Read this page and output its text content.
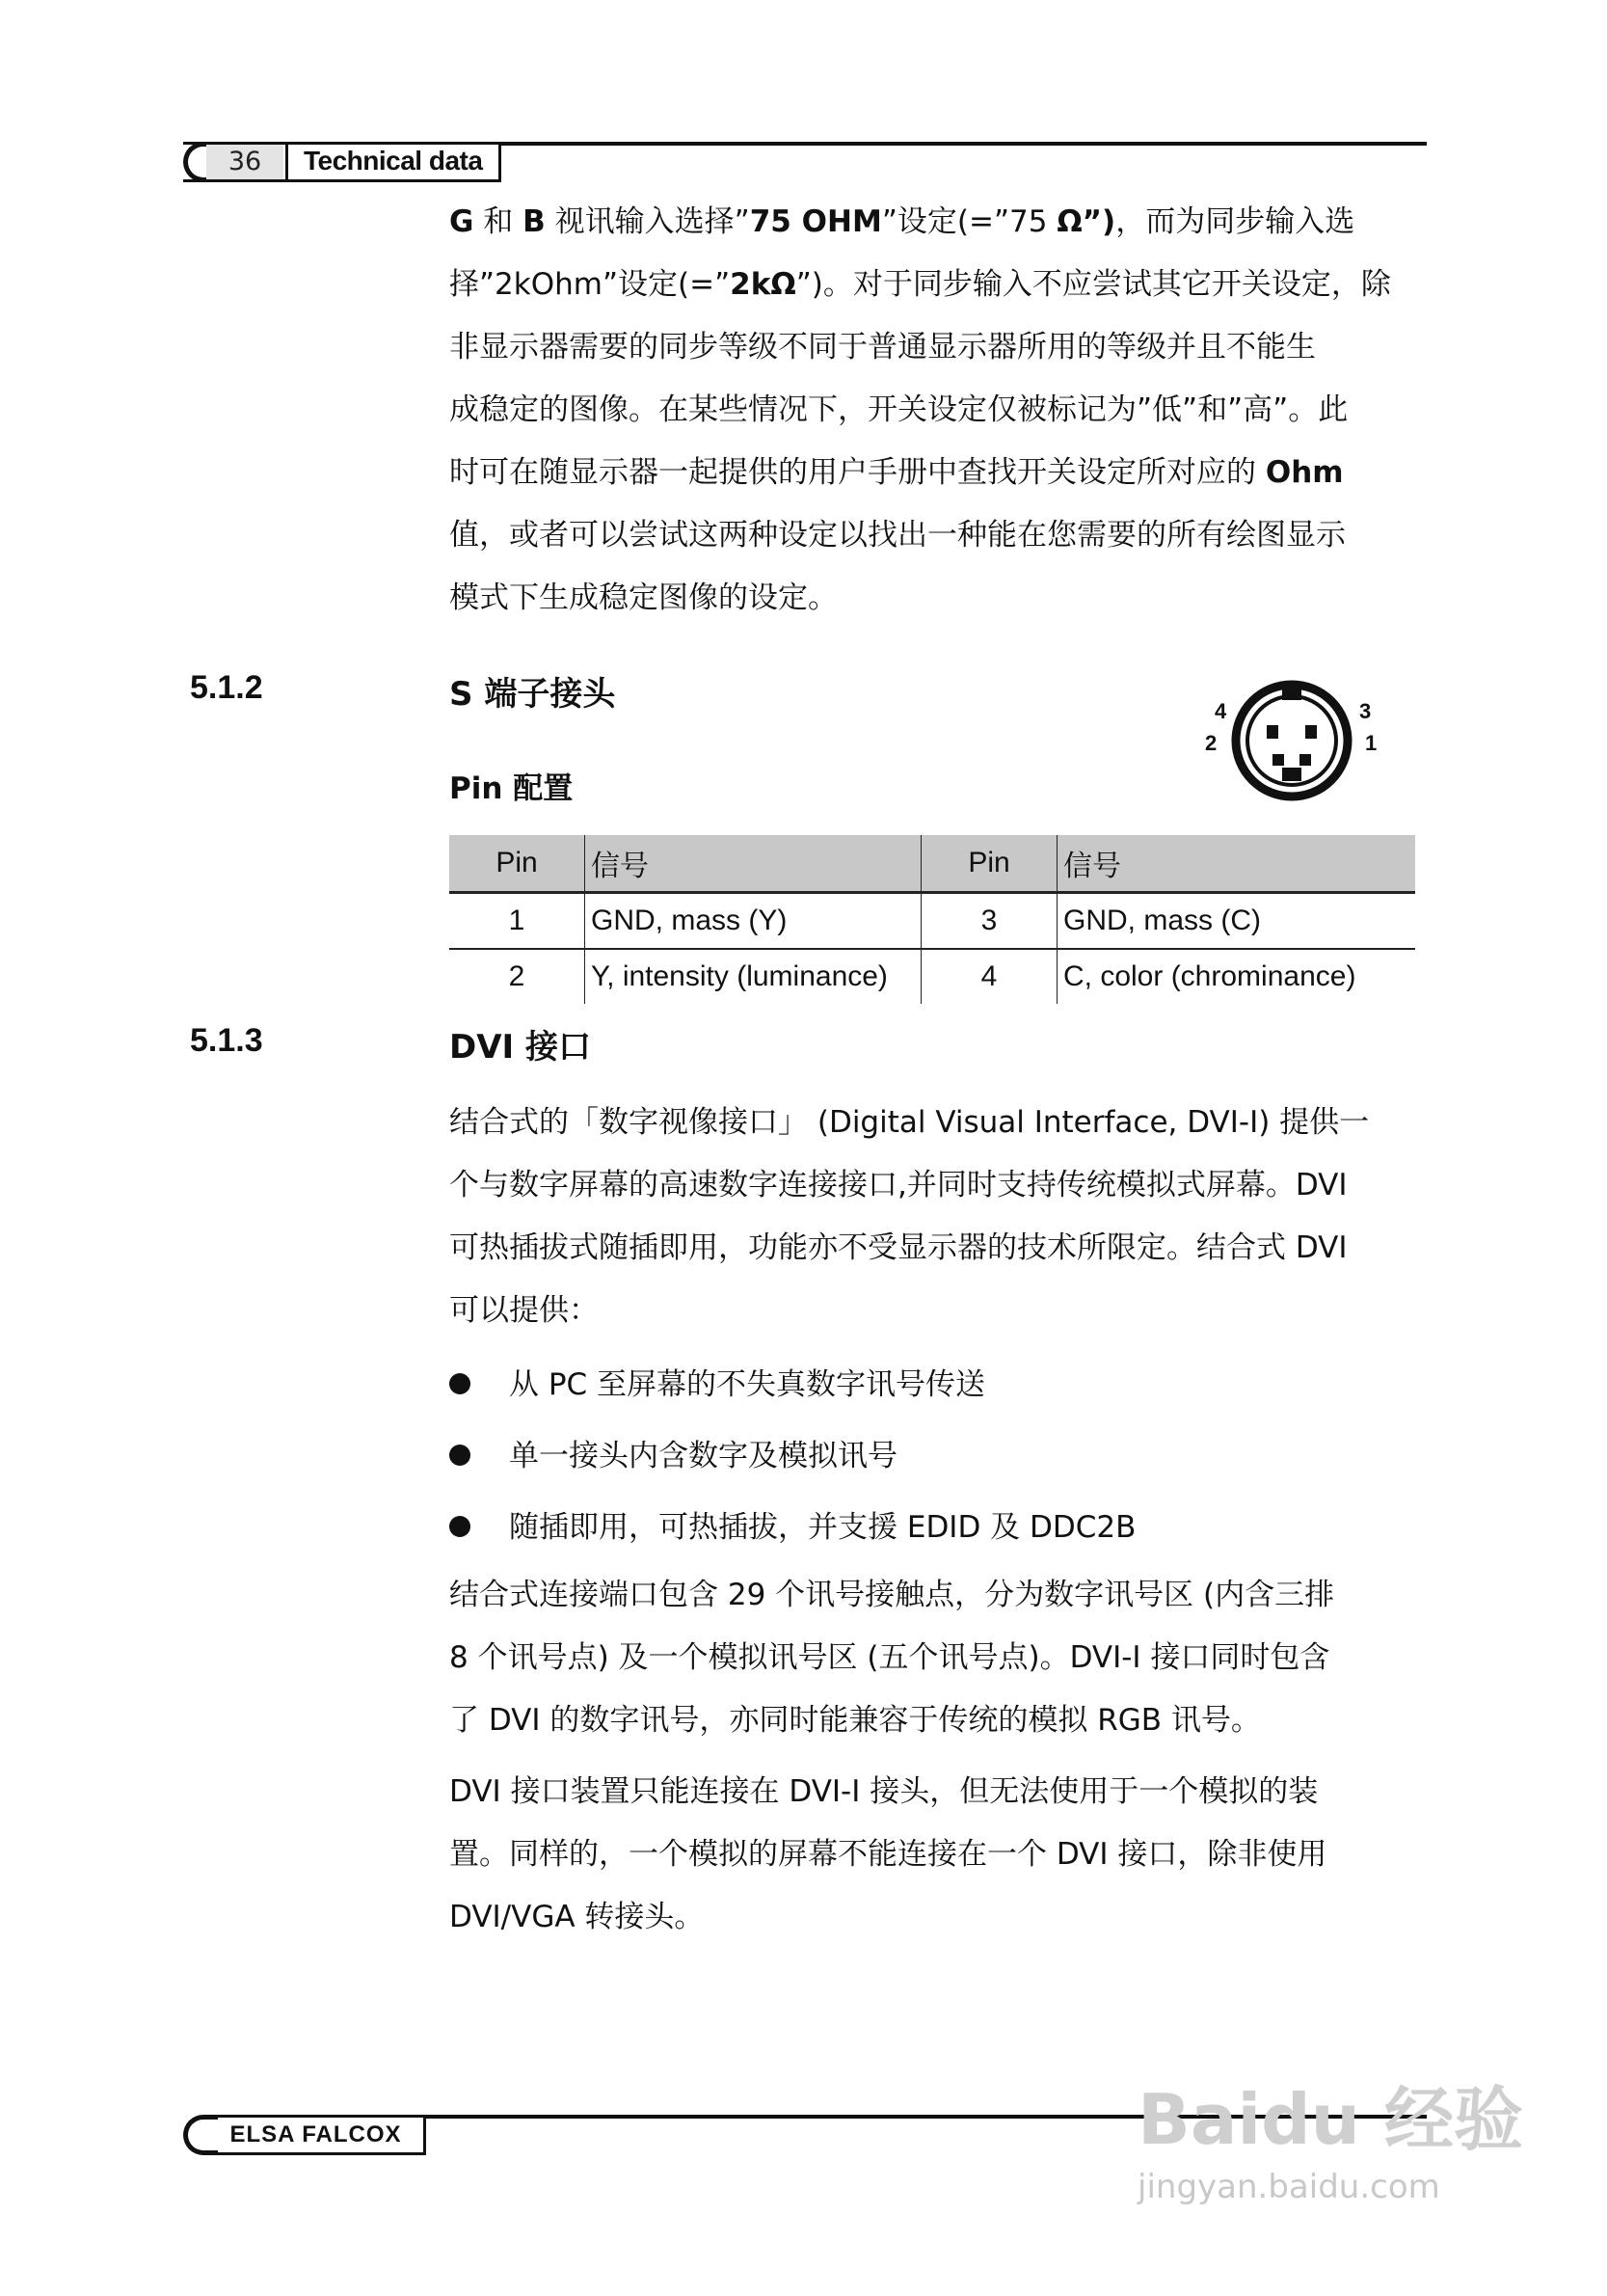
36	Technical data
G 和 B 视讯输入选择”75 OHM”设定(=”75 Ω”)，而为同步输入选
择”2kOhm”设定(=”2kΩ”)。对于同步输入不应尝试其它开关设定，除
非显示器需要的同步等级不同于普通显示器所用的等级并且不能生
成稳定的图像。在某些情况下，开关设定仅被标记为”低”和”高”。此
时可在随显示器一起提供的用户手册中查找开关设定所对应的 Ohm
值，或者可以尝试这两种设定以找出一种能在您需要的所有绘图显示
模式下生成稳定图像的设定。
5.1.2	S 端子接头
Pin 配置
4
2
3
1
Pin	信号	Pin	信号
1	GND, mass (Y)	3	GND, mass (C)
2	Y, intensity (luminance)	4	C, color (chrominance)
5.1.3	DVI 接口
结合式的「数字视像接口」 (Digital Visual Interface, DVI-I) 提供一
个与数字屏幕的高速数字连接接口,并同时支持传统模拟式屏幕。DVI
可热插拔式随插即用，功能亦不受显示器的技术所限定。结合式 DVI
可以提供：
从 PC 至屏幕的不失真数字讯号传送
单一接头内含数字及模拟讯号
随插即用，可热插拔，并支援 EDID 及 DDC2B
结合式连接端口包含 29 个讯号接触点，分为数字讯号区 (内含三排
8 个讯号点) 及一个模拟讯号区 (五个讯号点)。DVI-I 接口同时包含
了 DVI 的数字讯号，亦同时能兼容于传统的模拟 RGB 讯号。
DVI 接口装置只能连接在 DVI-I 接头，但无法使用于一个模拟的装
置。同样的，一个模拟的屏幕不能连接在一个 DVI 接口，除非使用
DVI/VGA 转接头。
ELSA FALCOX	Baidu 经验
jingyan.baidu.com
